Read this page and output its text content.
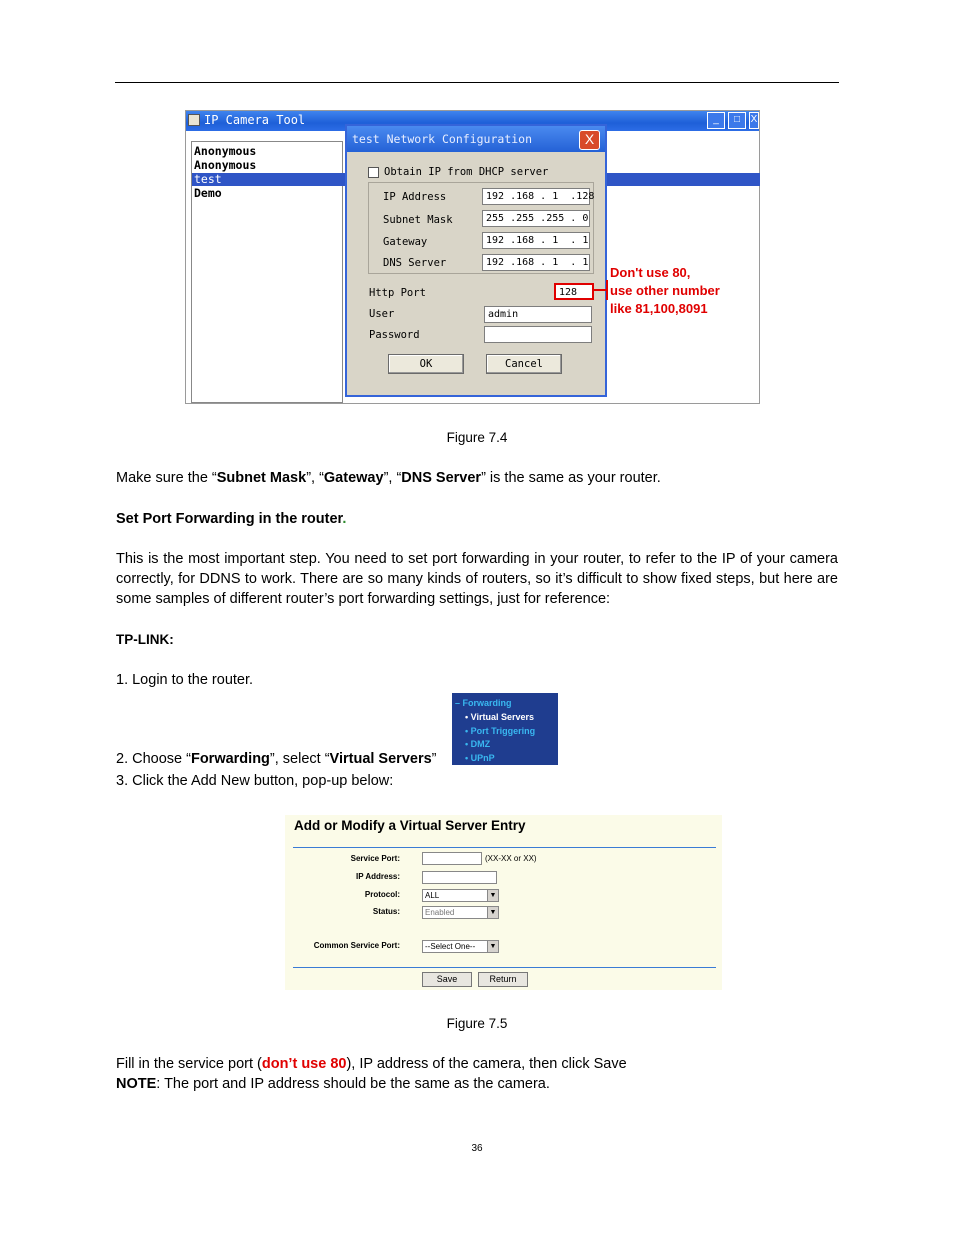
IP Camera Tool	_	□	X
Anonymous
Anonymous
test
Demo
test Network Configuration	X
Obtain IP from DHCP server
IP Address	192 .168 . 1  .128
Subnet Mask	255 .255 .255 . 0
Gateway	192 .168 . 1  . 1
DNS Server	192 .168 . 1  . 1
Http Port	128
User	admin
Password
OK	Cancel
Don't use 80,
use other number
like 81,100,8091
Figure 7.4
Make sure the “Subnet Mask”, “Gateway”, “DNS Server” is the same as your router.
Set Port Forwarding in the router.
This is the most important step. You need to set port forwarding in your router, to refer to the IP of your camera correctly, for DDNS to work. There are so many kinds of routers, so it’s difficult to show fixed steps, but here are some samples of different router’s port forwarding settings, just for reference:
TP-LINK:
1. Login to the router.
– Forwarding
• Virtual Servers
• Port Triggering
• DMZ
• UPnP
2. Choose “Forwarding”, select “Virtual Servers”
3. Click the Add New button, pop-up below:
Add or Modify a Virtual Server Entry
Service Port:	(XX-XX or XX)
IP Address:
Protocol:	ALL	▼
Status:	Enabled	▼
Common Service Port:	--Select One--	▼
Save	Return
Figure 7.5
Fill in the service port (don’t use 80), IP address of the camera, then click Save
NOTE: The port and IP address should be the same as the camera.
36
